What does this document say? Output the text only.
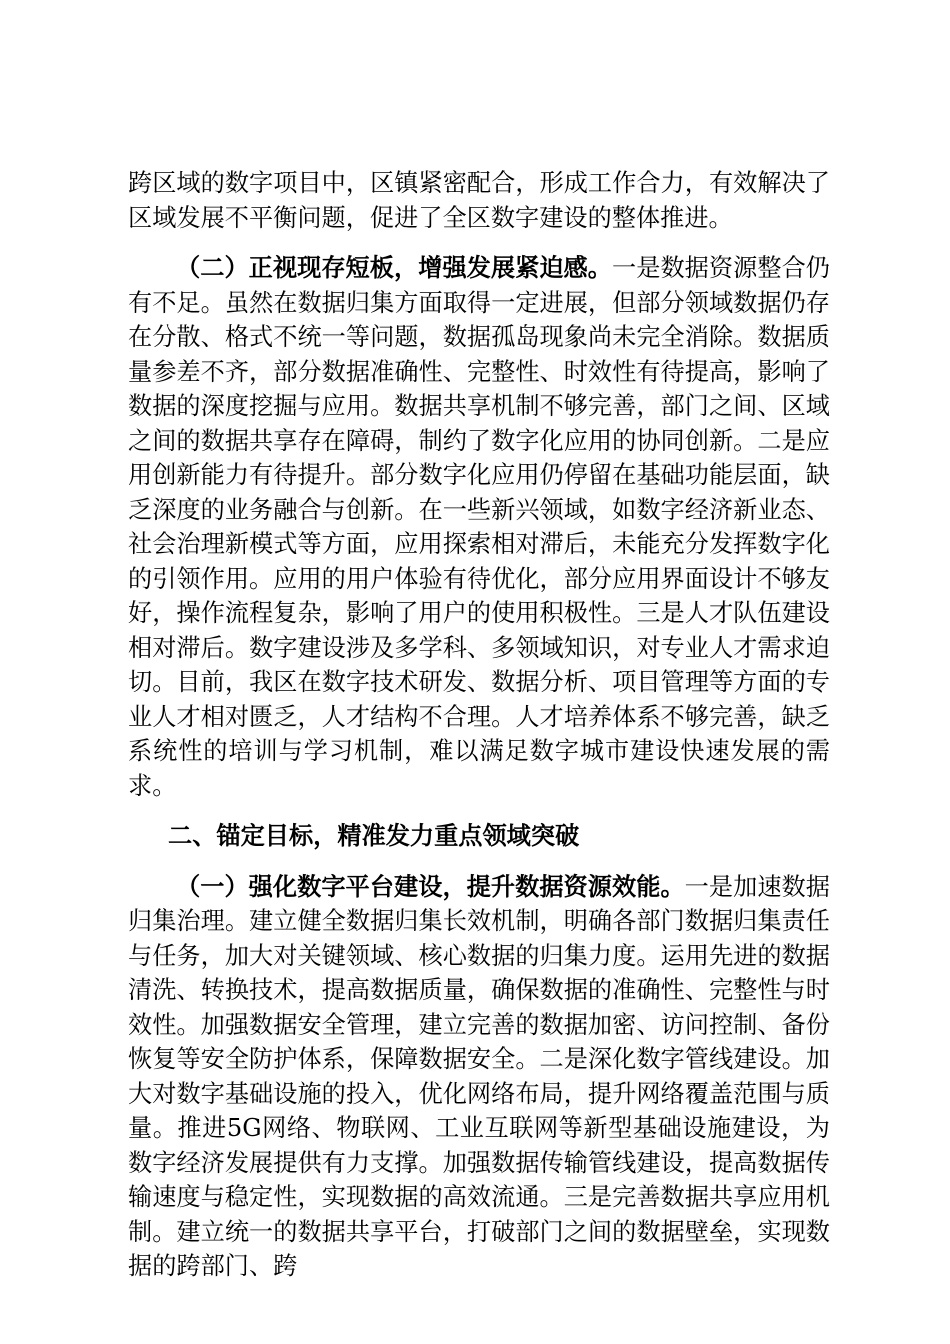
跨区域的数字项目中，区镇紧密配合，形成工作合力，有效解决了区域发展不平衡问题，促进了全区数字建设的整体推进。

（二）正视现存短板，增强发展紧迫感。一是数据资源整合仍有不足。虽然在数据归集方面取得一定进展，但部分领域数据仍存在分散、格式不统一等问题，数据孤岛现象尚未完全消除。数据质量参差不齐，部分数据准确性、完整性、时效性有待提高，影响了数据的深度挖掘与应用。数据共享机制不够完善，部门之间、区域之间的数据共享存在障碍，制约了数字化应用的协同创新。二是应用创新能力有待提升。部分数字化应用仍停留在基础功能层面，缺乏深度的业务融合与创新。在一些新兴领域，如数字经济新业态、社会治理新模式等方面，应用探索相对滞后，未能充分发挥数字化的引领作用。应用的用户体验有待优化，部分应用界面设计不够友好，操作流程复杂，影响了用户的使用积极性。三是人才队伍建设相对滞后。数字建设涉及多学科、多领域知识，对专业人才需求迫切。目前，我区在数字技术研发、数据分析、项目管理等方面的专业人才相对匮乏，人才结构不合理。人才培养体系不够完善，缺乏系统性的培训与学习机制，难以满足数字城市建设快速发展的需求。

二、锚定目标，精准发力重点领域突破

（一）强化数字平台建设，提升数据资源效能。一是加速数据归集治理。建立健全数据归集长效机制，明确各部门数据归集责任与任务，加大对关键领域、核心数据的归集力度。运用先进的数据清洗、转换技术，提高数据质量，确保数据的准确性、完整性与时效性。加强数据安全管理，建立完善的数据加密、访问控制、备份恢复等安全防护体系，保障数据安全。二是深化数字管线建设。加大对数字基础设施的投入，优化网络布局，提升网络覆盖范围与质量。推进5G网络、物联网、工业互联网等新型基础设施建设，为数字经济发展提供有力支撑。加强数据传输管线建设，提高数据传输速度与稳定性，实现数据的高效流通。三是完善数据共享应用机制。建立统一的数据共享平台，打破部门之间的数据壁垒，实现数据的跨部门、跨
